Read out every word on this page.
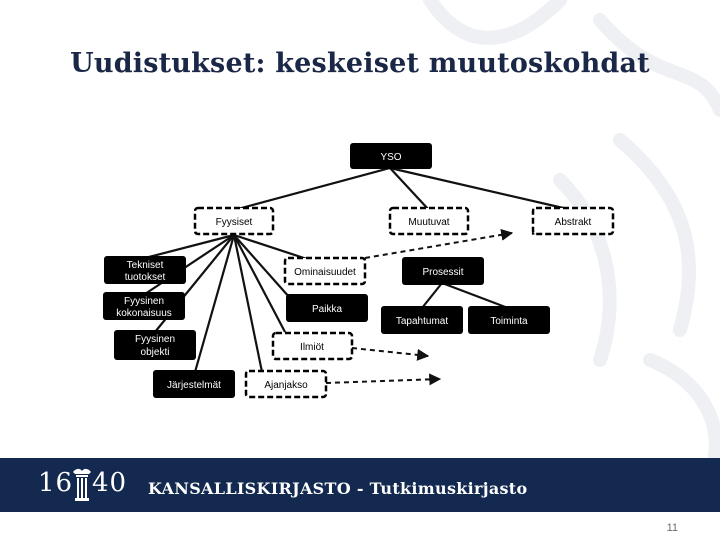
Uudistukset: keskeiset muutoskohdat
YSO
Tekniset
tuotokset
Fyysinen
kokonaisuus
Fyysinen
objekti
Järjestelmät
Paikka
Prosessit
Tapahtumat	Toiminta
Fyysiset	Muutuvat	Abstrakt
Ominaisuudet
Ilmiöt
Ajanjakso
16 40 KANSALLISKIRJASTO - Tutkimuskirjasto
11
